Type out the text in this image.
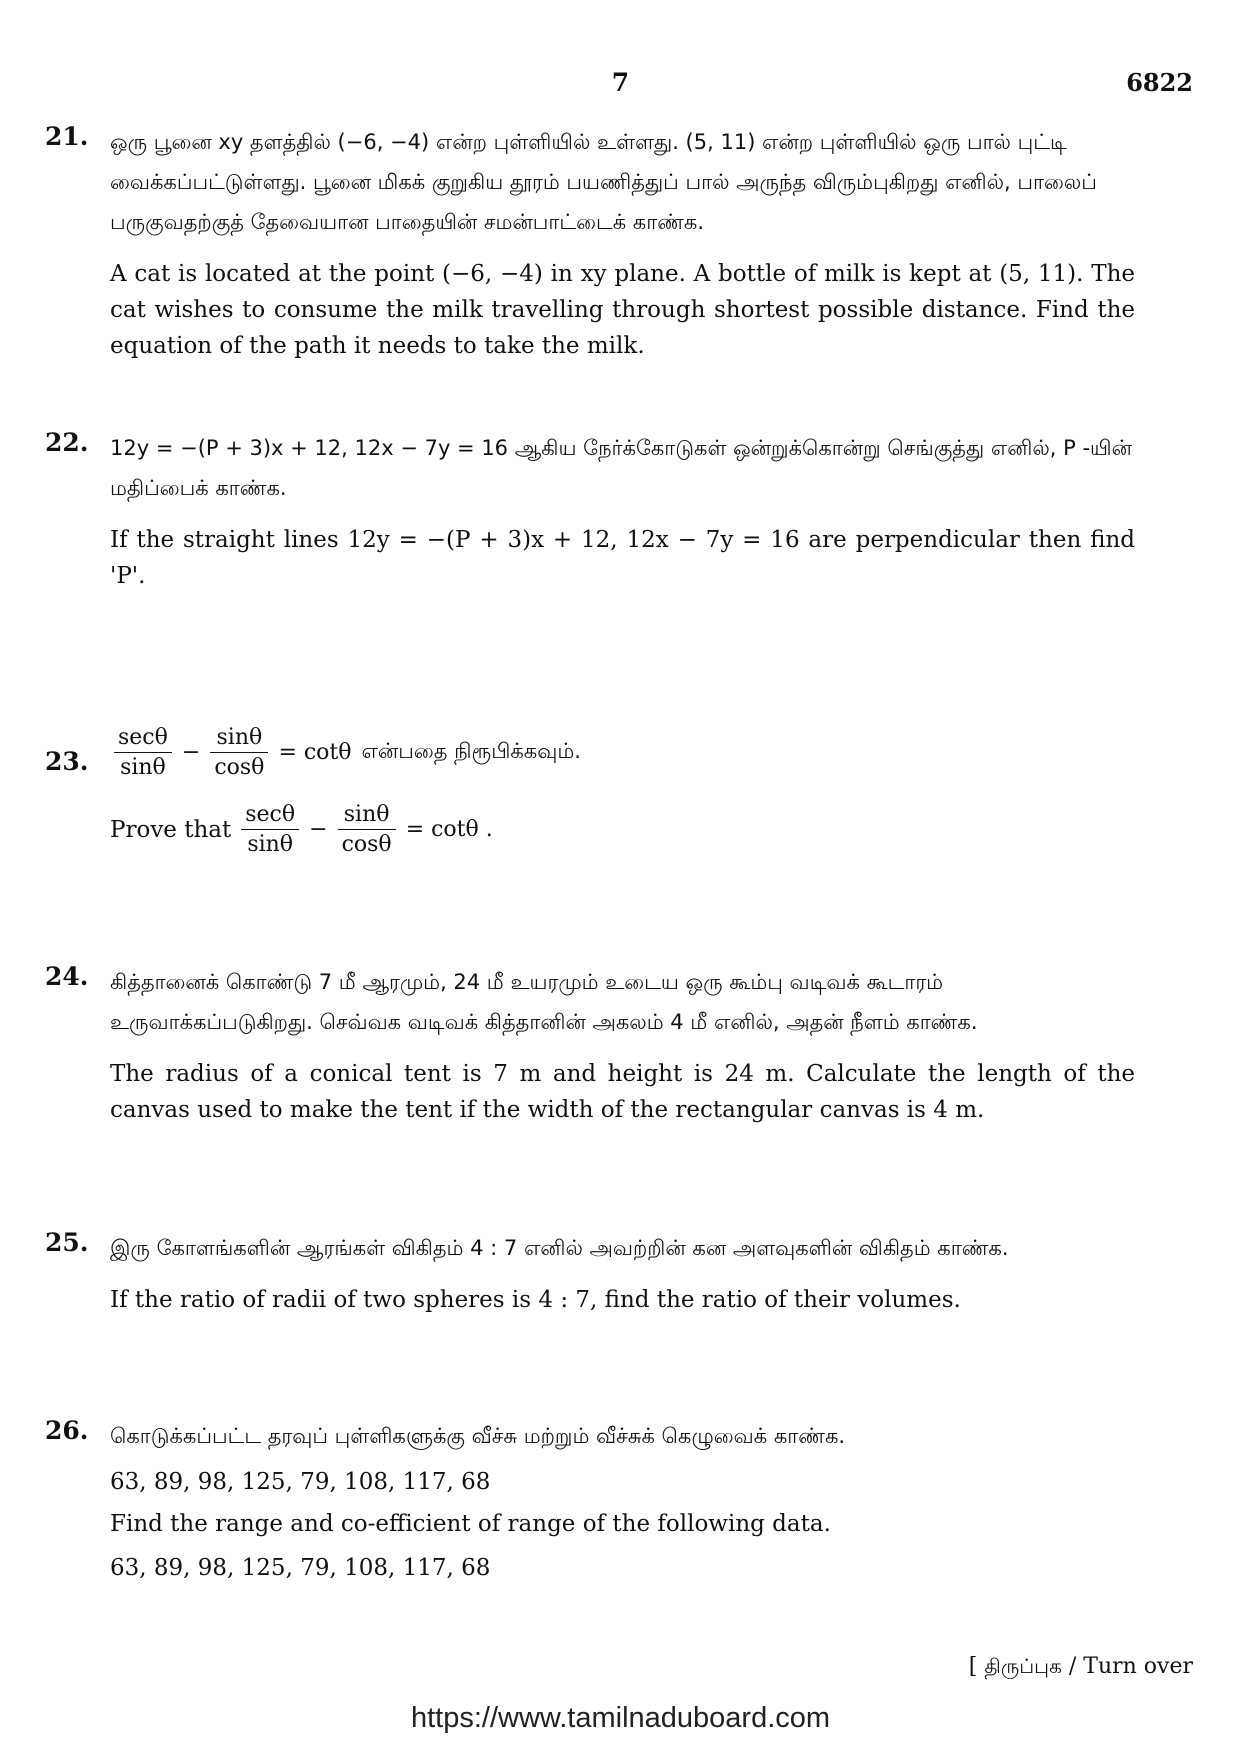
7	6822
21. ஒரு பூனை xy தளத்தில் (−6, −4) என்ற புள்ளியில் உள்ளது. (5, 11) என்ற புள்ளியில் ஒரு பால் புட்டி வைக்கப்பட்டுள்ளது. பூனை மிகக் குறுகிய தூரம் பயணித்துப் பால் அருந்த விரும்புகிறது எனில், பாலைப் பருகுவதற்குத் தேவையான பாதையின் சமன்பாட்டைக் காண்க.

A cat is located at the point (−6, −4) in xy plane. A bottle of milk is kept at (5, 11). The cat wishes to consume the milk travelling through shortest possible distance. Find the equation of the path it needs to take the milk.

22. 12y = −(P + 3)x + 12, 12x − 7y = 16 ஆகிய நேர்க்கோடுகள் ஒன்றுக்கொன்று செங்குத்து எனில், P -யின் மதிப்பைக் காண்க.

If the straight lines 12y = −(P + 3)x + 12, 12x − 7y = 16 are perpendicular then find 'P'.

23. $\frac{\sec\theta}{\sin\theta} - \frac{\sin\theta}{\cos\theta} = \cot\theta$ என்பதை நிரூபிக்கவும்.
Prove that $\frac{\sec\theta}{\sin\theta} - \frac{\sin\theta}{\cos\theta} = \cot\theta$ .
24. கித்தானைக் கொண்டு 7 மீ ஆரமும், 24 மீ உயரமும் உடைய ஒரு கூம்பு வடிவக் கூடாரம் உருவாக்கப்படுகிறது. செவ்வக வடிவக் கித்தானின் அகலம் 4 மீ எனில், அதன் நீளம் காண்க.

The radius of a conical tent is 7 m and height is 24 m. Calculate the length of the canvas used to make the tent if the width of the rectangular canvas is 4 m.

25. இரு கோளங்களின் ஆரங்கள் விகிதம் 4 : 7 எனில் அவற்றின் கன அளவுகளின் விகிதம் காண்க.

If the ratio of radii of two spheres is 4 : 7, find the ratio of their volumes.

26. கொடுக்கப்பட்ட தரவுப் புள்ளிகளுக்கு வீச்சு மற்றும் வீச்சுக் கெழுவைக் காண்க.

63, 89, 98, 125, 79, 108, 117, 68

Find the range and co-efficient of range of the following data.

63, 89, 98, 125, 79, 108, 117, 68

[ திருப்புக / Turn over
https://www.tamilnaduboard.com
